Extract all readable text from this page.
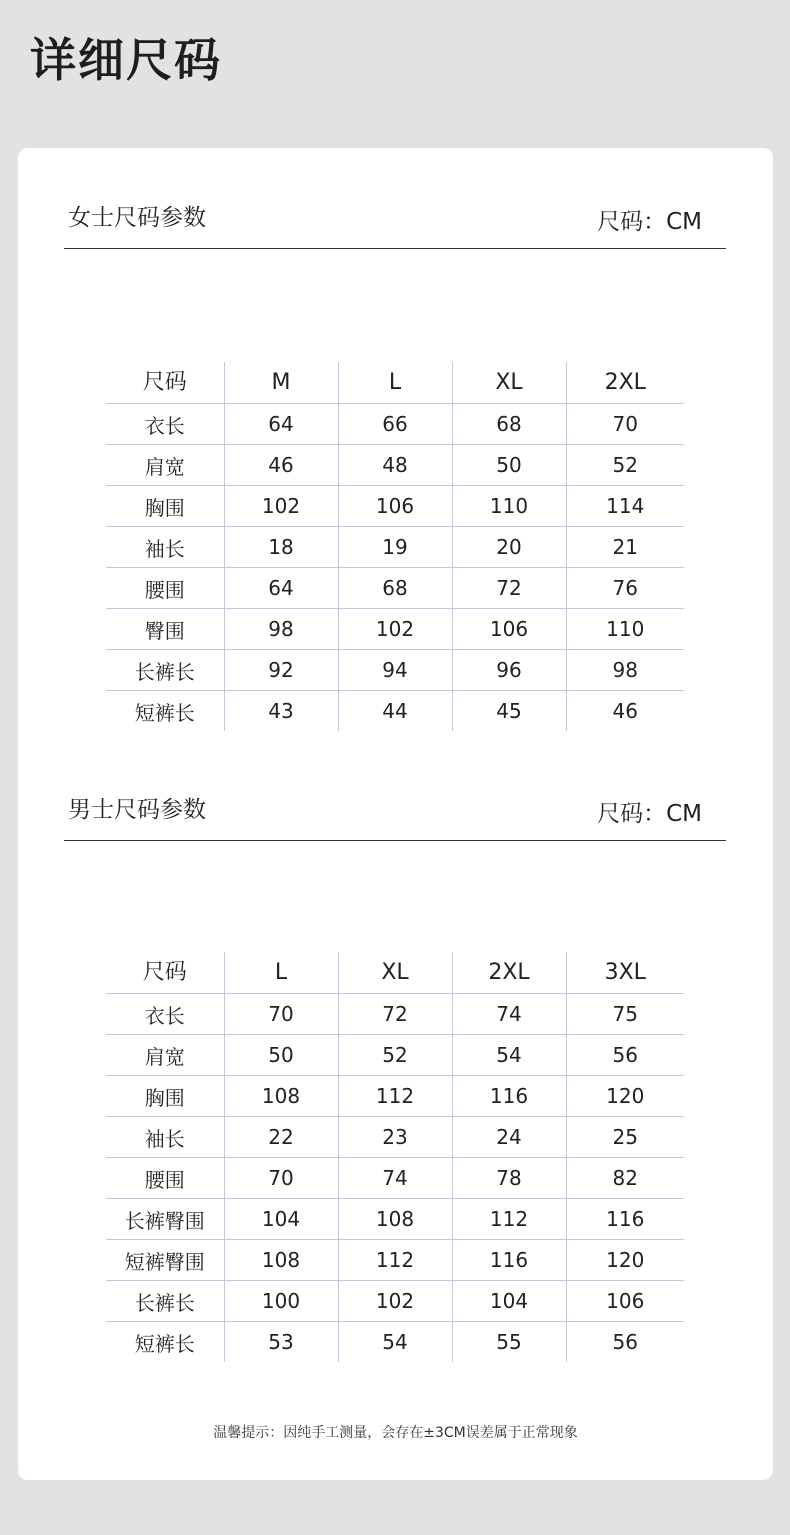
详细尺码
女士尺码参数	尺码：CM
尺码	M	L	XL	2XL
衣长	64	66	68	70
肩宽	46	48	50	52
胸围	102	106	110	114
袖长	18	19	20	21
腰围	64	68	72	76
臀围	98	102	106	110
长裤长	92	94	96	98
短裤长	43	44	45	46
男士尺码参数	尺码：CM
尺码	L	XL	2XL	3XL
衣长	70	72	74	75
肩宽	50	52	54	56
胸围	108	112	116	120
袖长	22	23	24	25
腰围	70	74	78	82
长裤臀围	104	108	112	116
短裤臀围	108	112	116	120
长裤长	100	102	104	106
短裤长	53	54	55	56
温馨提示：因纯手工测量，会存在±3CM误差属于正常现象
